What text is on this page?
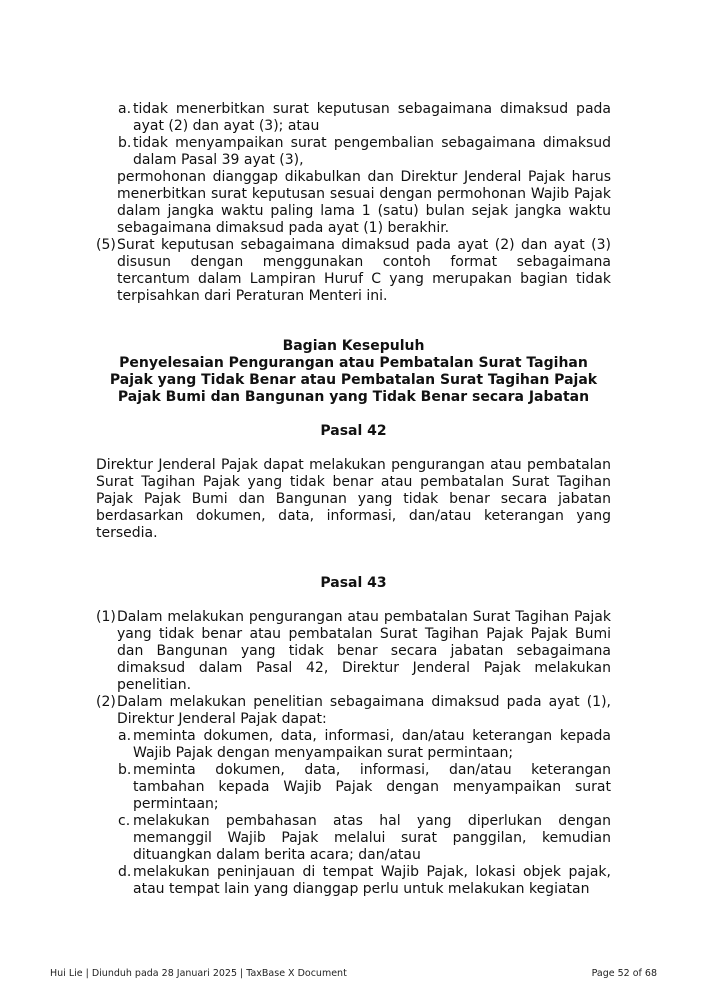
a. tidak menerbitkan surat keputusan sebagaimana dimaksud pada ayat (2) dan ayat (3); atau
b. tidak menyampaikan surat pengembalian sebagaimana dimaksud dalam Pasal 39 ayat (3),
permohonan dianggap dikabulkan dan Direktur Jenderal Pajak harus menerbitkan surat keputusan sesuai dengan permohonan Wajib Pajak dalam jangka waktu paling lama 1 (satu) bulan sejak jangka waktu sebagaimana dimaksud pada ayat (1) berakhir.
(5) Surat keputusan sebagaimana dimaksud pada ayat (2) dan ayat (3) disusun dengan menggunakan contoh format sebagaimana tercantum dalam Lampiran Huruf C yang merupakan bagian tidak terpisahkan dari Peraturan Menteri ini.
Bagian Kesepuluh
Penyelesaian Pengurangan atau Pembatalan Surat Tagihan
Pajak yang Tidak Benar atau Pembatalan Surat Tagihan Pajak
Pajak Bumi dan Bangunan yang Tidak Benar secara Jabatan
Pasal 42
Direktur Jenderal Pajak dapat melakukan pengurangan atau pembatalan Surat Tagihan Pajak yang tidak benar atau pembatalan Surat Tagihan Pajak Pajak Bumi dan Bangunan yang tidak benar secara jabatan berdasarkan dokumen, data, informasi, dan/atau keterangan yang tersedia.
Pasal 43
(1) Dalam melakukan pengurangan atau pembatalan Surat Tagihan Pajak yang tidak benar atau pembatalan Surat Tagihan Pajak Pajak Bumi dan Bangunan yang tidak benar secara jabatan sebagaimana dimaksud dalam Pasal 42, Direktur Jenderal Pajak melakukan penelitian.
(2) Dalam melakukan penelitian sebagaimana dimaksud pada ayat (1), Direktur Jenderal Pajak dapat:
a. meminta dokumen, data, informasi, dan/atau keterangan kepada Wajib Pajak dengan menyampaikan surat permintaan;
b. meminta dokumen, data, informasi, dan/atau keterangan tambahan kepada Wajib Pajak dengan menyampaikan surat permintaan;
c. melakukan pembahasan atas hal yang diperlukan dengan memanggil Wajib Pajak melalui surat panggilan, kemudian dituangkan dalam berita acara; dan/atau
d. melakukan peninjauan di tempat Wajib Pajak, lokasi objek pajak, atau tempat lain yang dianggap perlu untuk melakukan kegiatan
Hui Lie | Diunduh pada 28 Januari 2025 | TaxBase X Document	Page 52 of 68
